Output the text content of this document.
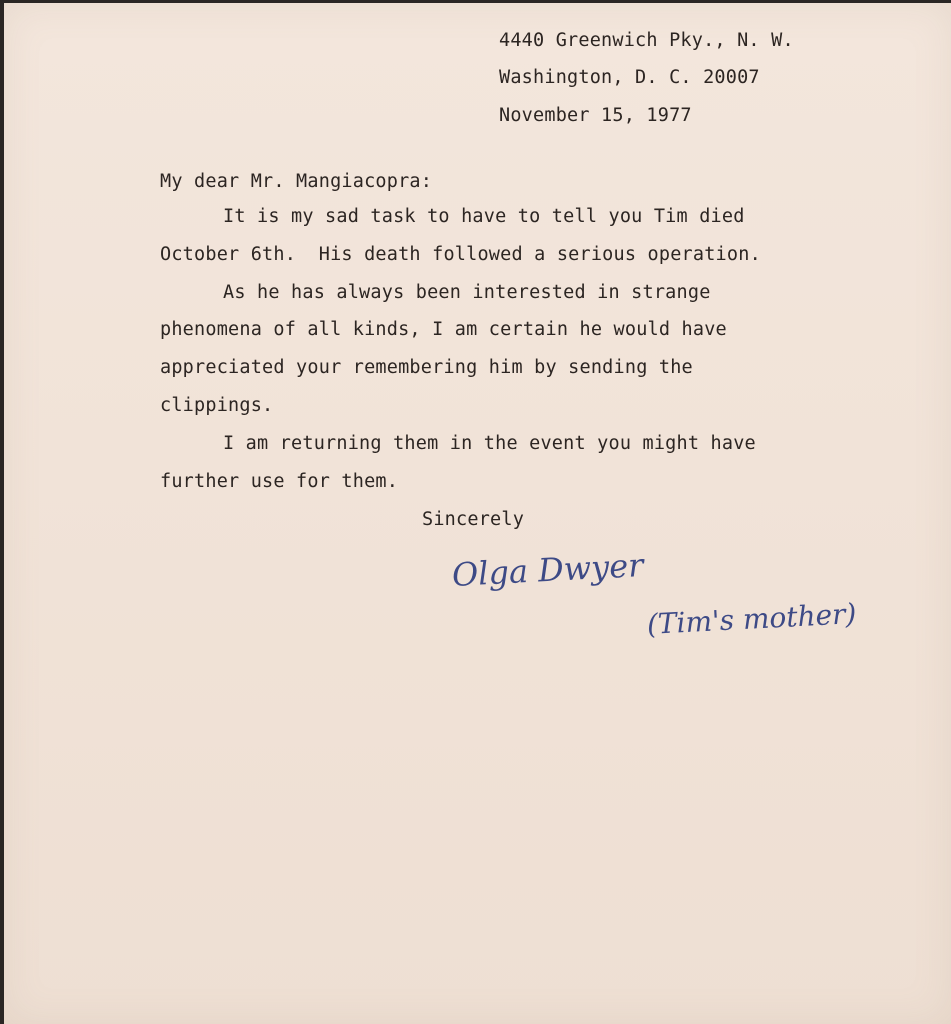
4440 Greenwich Pky., N. W.
Washington, D. C. 20007
November 15, 1977
My dear Mr. Mangiacopra:
It is my sad task to have to tell you Tim died
October 6th.  His death followed a serious operation.
As he has always been interested in strange
phenomena of all kinds, I am certain he would have
appreciated your remembering him by sending the
clippings.
I am returning them in the event you might have
further use for them.
Sincerely
Olga Dwyer
(Tim's mother)
